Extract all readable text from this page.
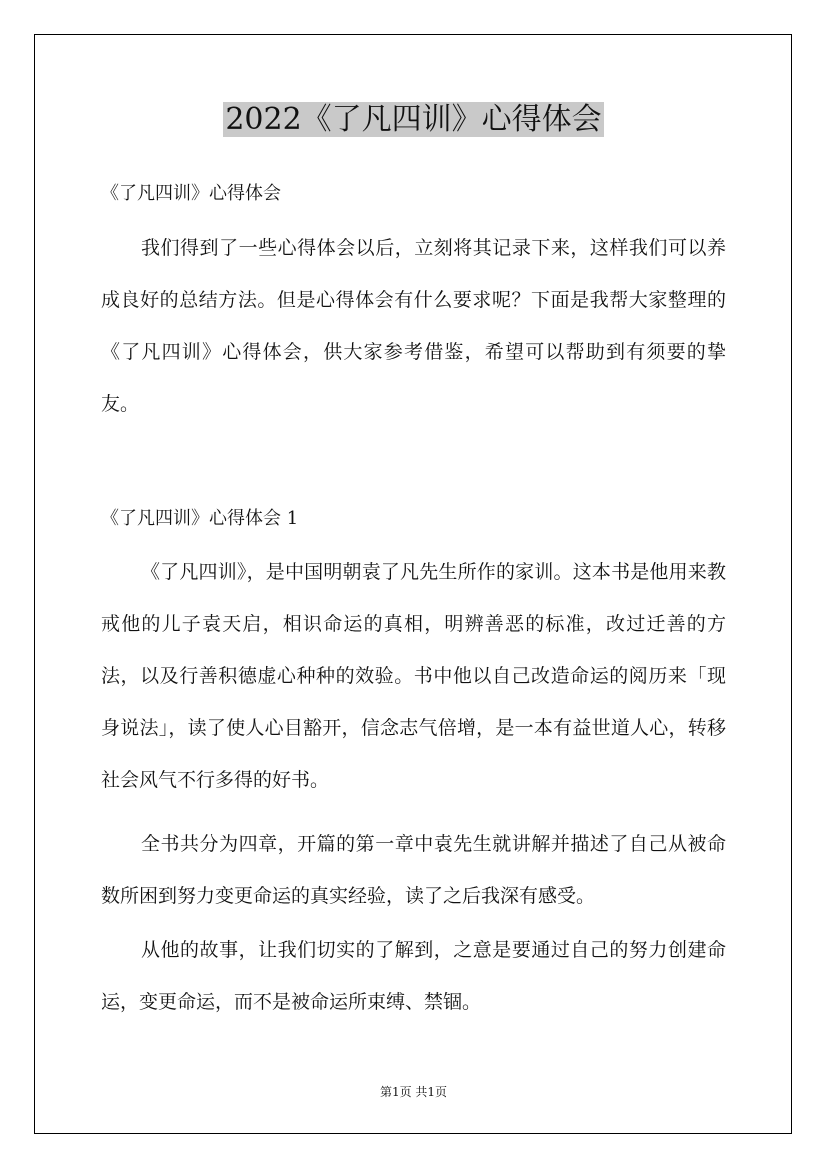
2022《了凡四训》心得体会

《了凡四训》心得体会

我们得到了一些心得体会以后，立刻将其记录下来，这样我们可以养成良好的总结方法。但是心得体会有什么要求呢？下面是我帮大家整理的《了凡四训》心得体会，供大家参考借鉴，希望可以帮助到有须要的挚友。

《了凡四训》心得体会 1

《了凡四训》，是中国明朝袁了凡先生所作的家训。这本书是他用来教戒他的儿子袁天启，相识命运的真相，明辨善恶的标准，改过迁善的方法，以及行善积德虚心种种的效验。书中他以自己改造命运的阅历来「现身说法」，读了使人心目豁开，信念志气倍增，是一本有益世道人心，转移社会风气不行多得的好书。

全书共分为四章，开篇的第一章中袁先生就讲解并描述了自己从被命数所困到努力变更命运的真实经验，读了之后我深有感受。

从他的故事，让我们切实的了解到，之意是要通过自己的努力创建命运，变更命运，而不是被命运所束缚、禁锢。

第1页 共1页
